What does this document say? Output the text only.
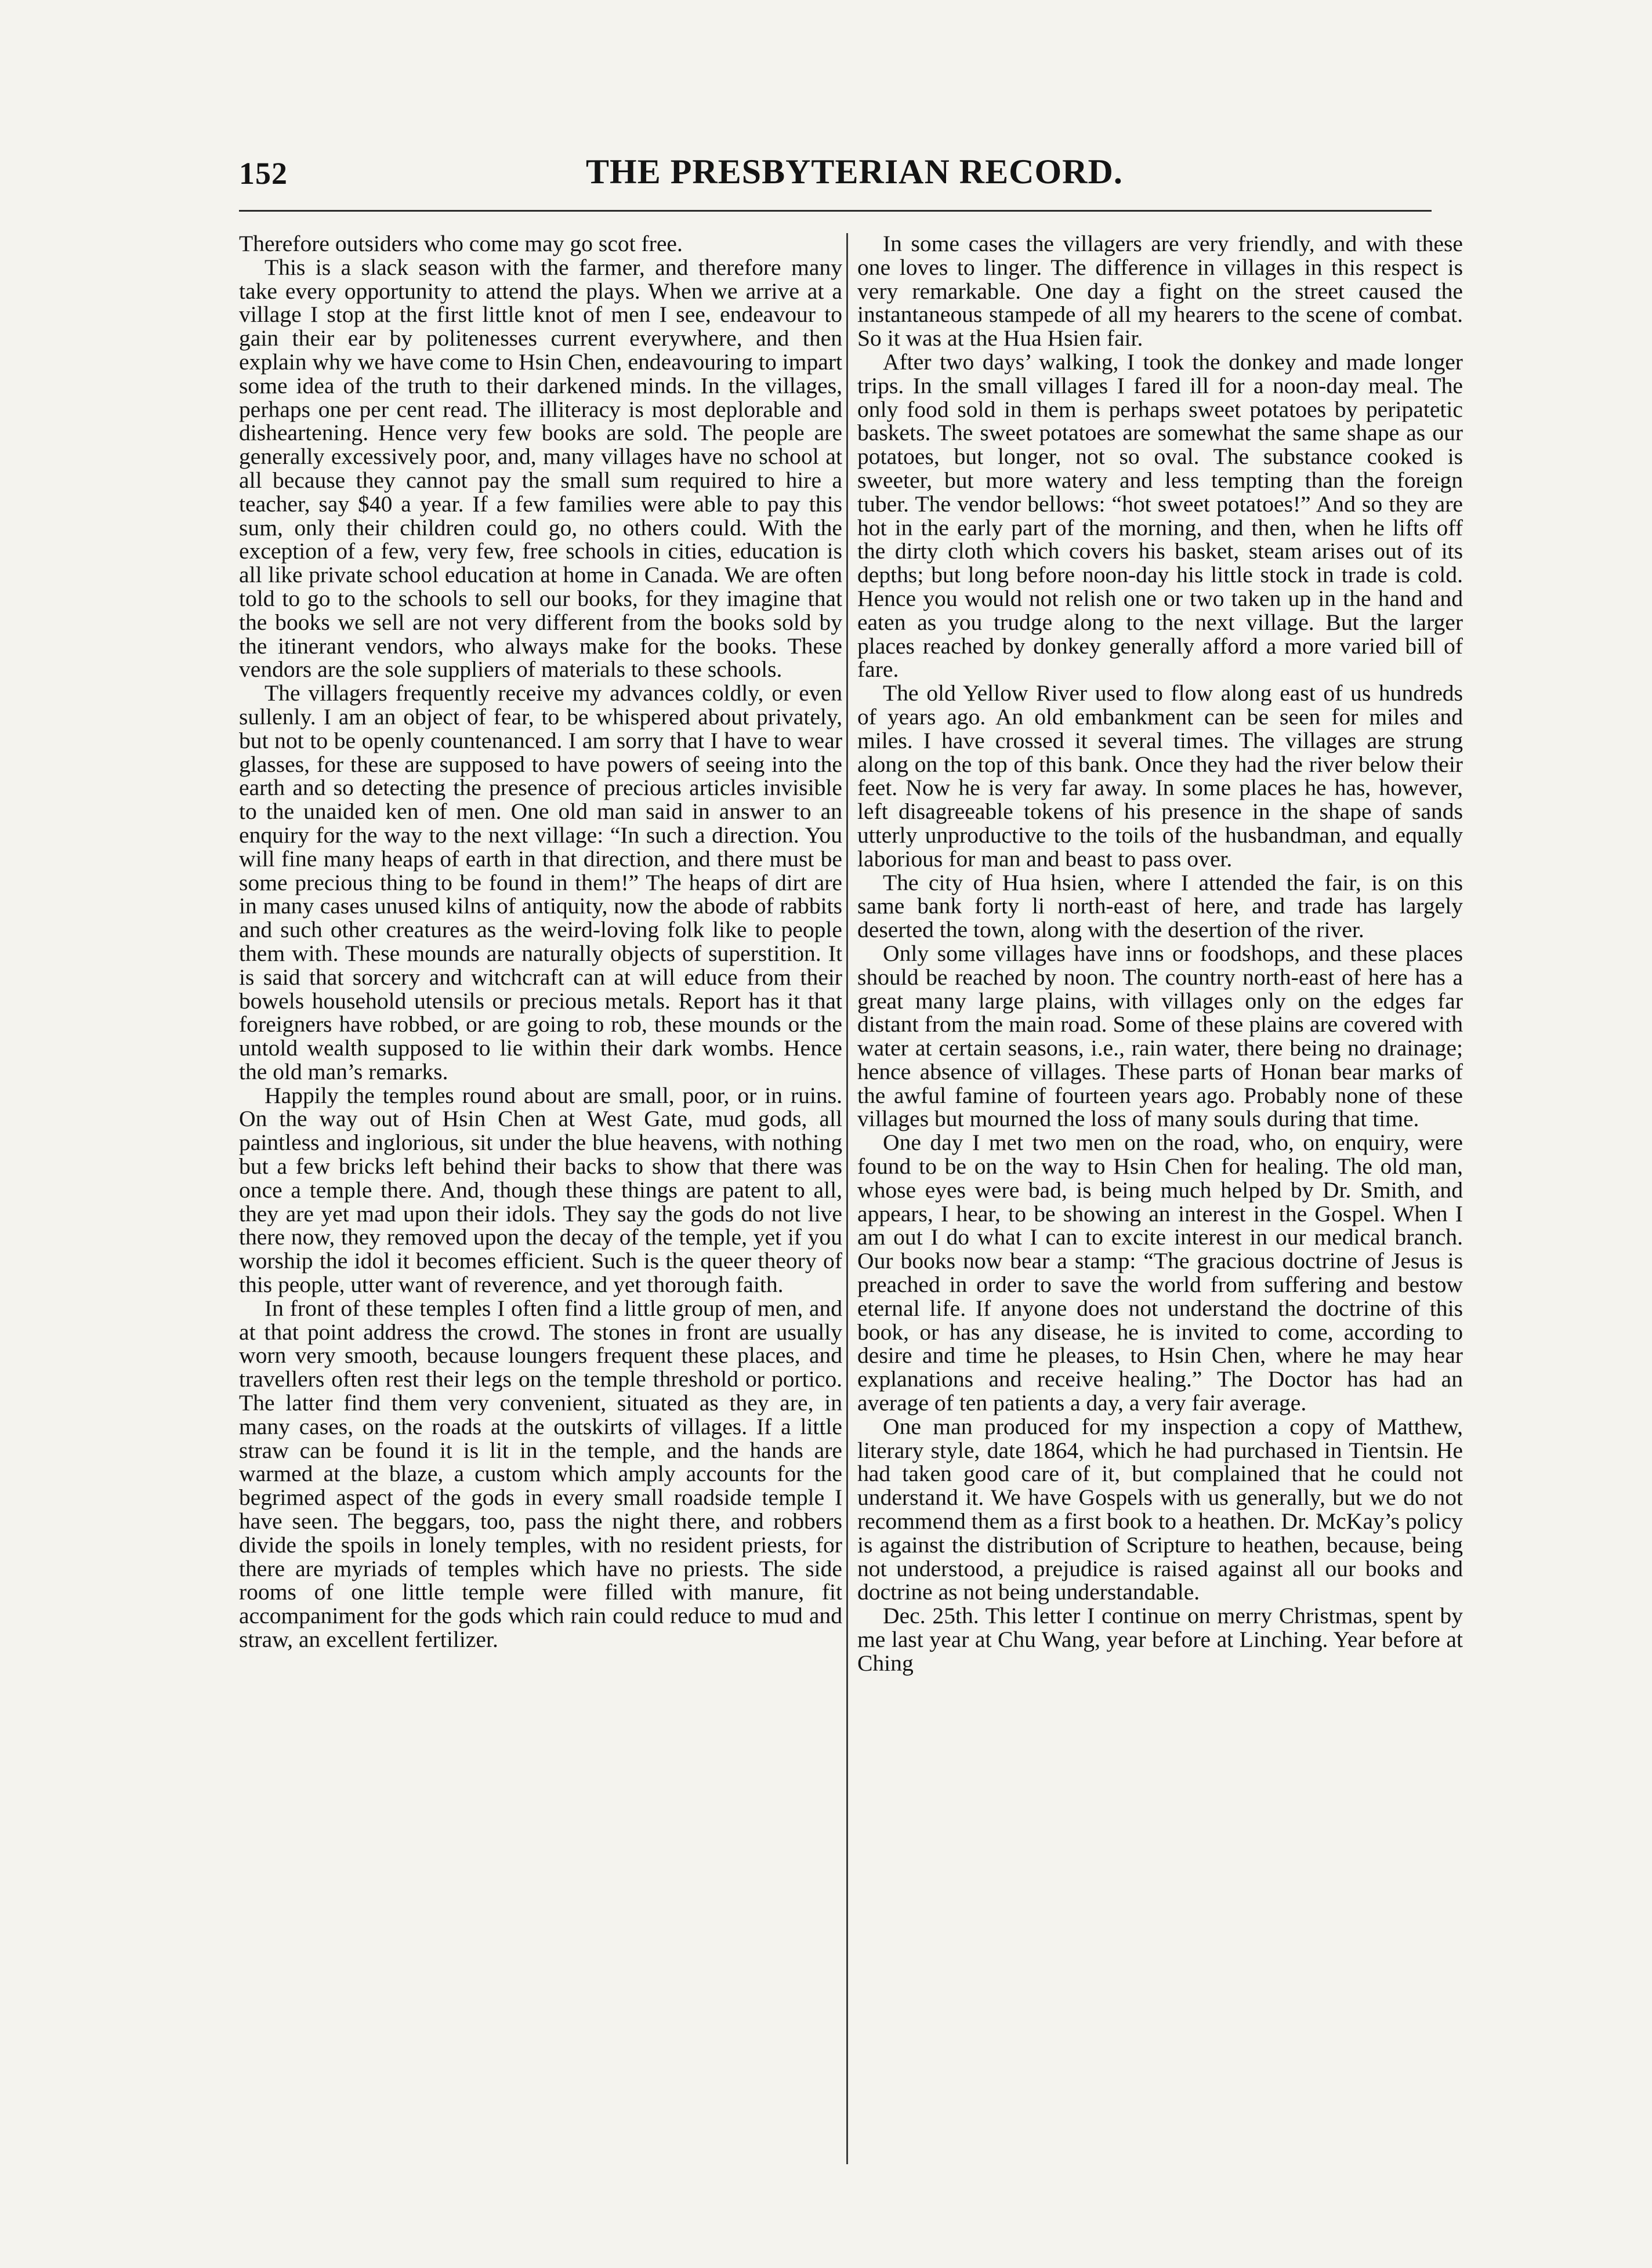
152	THE PRESBYTERIAN RECORD.

Therefore outsiders who come may go scot free.

This is a slack season with the farmer, and therefore many take every opportunity to attend the plays. When we arrive at a village I stop at the first little knot of men I see, endeavour to gain their ear by politenesses current everywhere, and then explain why we have come to Hsin Chen, endeavouring to impart some idea of the truth to their darkened minds. In the villages, perhaps one per cent read. The illiteracy is most deplorable and disheartening. Hence very few books are sold. The people are generally excessively poor, and, many villages have no school at all because they cannot pay the small sum required to hire a teacher, say $40 a year. If a few families were able to pay this sum, only their children could go, no others could. With the exception of a few, very few, free schools in cities, education is all like private school education at home in Canada. We are often told to go to the schools to sell our books, for they imagine that the books we sell are not very different from the books sold by the itinerant vendors, who always make for the books. These vendors are the sole suppliers of materials to these schools.

The villagers frequently receive my advances coldly, or even sullenly. I am an object of fear, to be whispered about privately, but not to be openly countenanced. I am sorry that I have to wear glasses, for these are supposed to have powers of seeing into the earth and so detecting the presence of precious articles invisible to the unaided ken of men. One old man said in answer to an enquiry for the way to the next village: “In such a direction. You will fine many heaps of earth in that direction, and there must be some precious thing to be found in them!” The heaps of dirt are in many cases unused kilns of antiquity, now the abode of rabbits and such other creatures as the weird-loving folk like to people them with. These mounds are naturally objects of superstition. It is said that sorcery and witchcraft can at will educe from their bowels household utensils or precious metals. Report has it that foreigners have robbed, or are going to rob, these mounds or the untold wealth supposed to lie within their dark wombs. Hence the old man’s remarks.

Happily the temples round about are small, poor, or in ruins. On the way out of Hsin Chen at West Gate, mud gods, all paintless and inglorious, sit under the blue heavens, with nothing but a few bricks left behind their backs to show that there was once a temple there. And, though these things are patent to all, they are yet mad upon their idols. They say the gods do not live there now, they removed upon the decay of the temple, yet if you worship the idol it becomes efficient. Such is the queer theory of this people, utter want of reverence, and yet thorough faith.

In front of these temples I often find a little group of men, and at that point address the crowd. The stones in front are usually worn very smooth, because loungers frequent these places, and travellers often rest their legs on the temple threshold or portico. The latter find them very convenient, situated as they are, in many cases, on the roads at the outskirts of villages. If a little straw can be found it is lit in the temple, and the hands are warmed at the blaze, a custom which amply accounts for the begrimed aspect of the gods in every small roadside temple I have seen. The beggars, too, pass the night there, and robbers divide the spoils in lonely temples, with no resident priests, for there are myriads of temples which have no priests. The side rooms of one little temple were filled with manure, fit accompaniment for the gods which rain could reduce to mud and straw, an excellent fertilizer.

In some cases the villagers are very friendly, and with these one loves to linger. The difference in villages in this respect is very remarkable. One day a fight on the street caused the instantaneous stampede of all my hearers to the scene of combat. So it was at the Hua Hsien fair.

After two days’ walking, I took the donkey and made longer trips. In the small villages I fared ill for a noon-day meal. The only food sold in them is perhaps sweet potatoes by peripatetic baskets. The sweet potatoes are somewhat the same shape as our potatoes, but longer, not so oval. The substance cooked is sweeter, but more watery and less tempting than the foreign tuber. The vendor bellows: “hot sweet potatoes!” And so they are hot in the early part of the morning, and then, when he lifts off the dirty cloth which covers his basket, steam arises out of its depths; but long before noon-day his little stock in trade is cold. Hence you would not relish one or two taken up in the hand and eaten as you trudge along to the next village. But the larger places reached by donkey generally afford a more varied bill of fare.

The old Yellow River used to flow along east of us hundreds of years ago. An old embankment can be seen for miles and miles. I have crossed it several times. The villages are strung along on the top of this bank. Once they had the river below their feet. Now he is very far away. In some places he has, however, left disagreeable tokens of his presence in the shape of sands utterly unproductive to the toils of the husbandman, and equally laborious for man and beast to pass over.

The city of Hua hsien, where I attended the fair, is on this same bank forty li north-east of here, and trade has largely deserted the town, along with the desertion of the river.

Only some villages have inns or foodshops, and these places should be reached by noon. The country north-east of here has a great many large plains, with villages only on the edges far distant from the main road. Some of these plains are covered with water at certain seasons, i.e., rain water, there being no drainage; hence absence of villages. These parts of Honan bear marks of the awful famine of fourteen years ago. Probably none of these villages but mourned the loss of many souls during that time.

One day I met two men on the road, who, on enquiry, were found to be on the way to Hsin Chen for healing. The old man, whose eyes were bad, is being much helped by Dr. Smith, and appears, I hear, to be showing an interest in the Gospel. When I am out I do what I can to excite interest in our medical branch. Our books now bear a stamp: “The gracious doctrine of Jesus is preached in order to save the world from suffering and bestow eternal life. If anyone does not understand the doctrine of this book, or has any disease, he is invited to come, according to desire and time he pleases, to Hsin Chen, where he may hear explanations and receive healing.” The Doctor has had an average of ten patients a day, a very fair average.

One man produced for my inspection a copy of Matthew, literary style, date 1864, which he had purchased in Tientsin. He had taken good care of it, but complained that he could not understand it. We have Gospels with us generally, but we do not recommend them as a first book to a heathen. Dr. McKay’s policy is against the distribution of Scripture to heathen, because, being not understood, a prejudice is raised against all our books and doctrine as not being understandable.

Dec. 25th. This letter I continue on merry Christmas, spent by me last year at Chu Wang, year before at Linching. Year before at Ching
